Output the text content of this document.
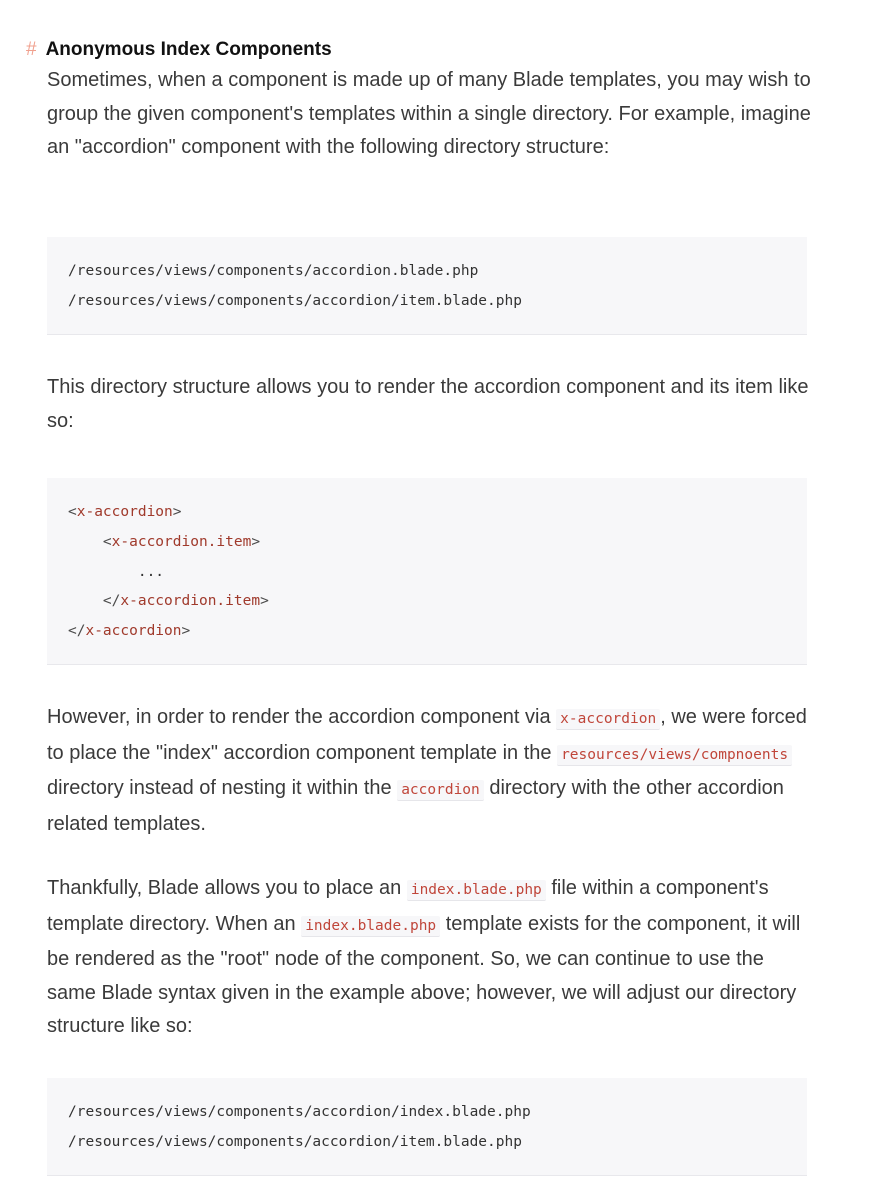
# Anonymous Index Components

Sometimes, when a component is made up of many Blade templates, you may wish to group the given component's templates within a single directory. For example, imagine an "accordion" component with the following directory structure:

/resources/views/components/accordion.blade.php
/resources/views/components/accordion/item.blade.php

This directory structure allows you to render the accordion component and its item like so:

<x-accordion>
<x-accordion.item>
...
</x-accordion.item>
</x-accordion>

However, in order to render the accordion component via x-accordion , we were forced to place the "index" accordion component template in the resources/views/compnoents directory instead of nesting it within the accordion directory with the other accordion related templates.

Thankfully, Blade allows you to place an index.blade.php file within a component's template directory. When an index.blade.php template exists for the component, it will be rendered as the "root" node of the component. So, we can continue to use the same Blade syntax given in the example above; however, we will adjust our directory structure like so:

/resources/views/components/accordion/index.blade.php
/resources/views/components/accordion/item.blade.php
